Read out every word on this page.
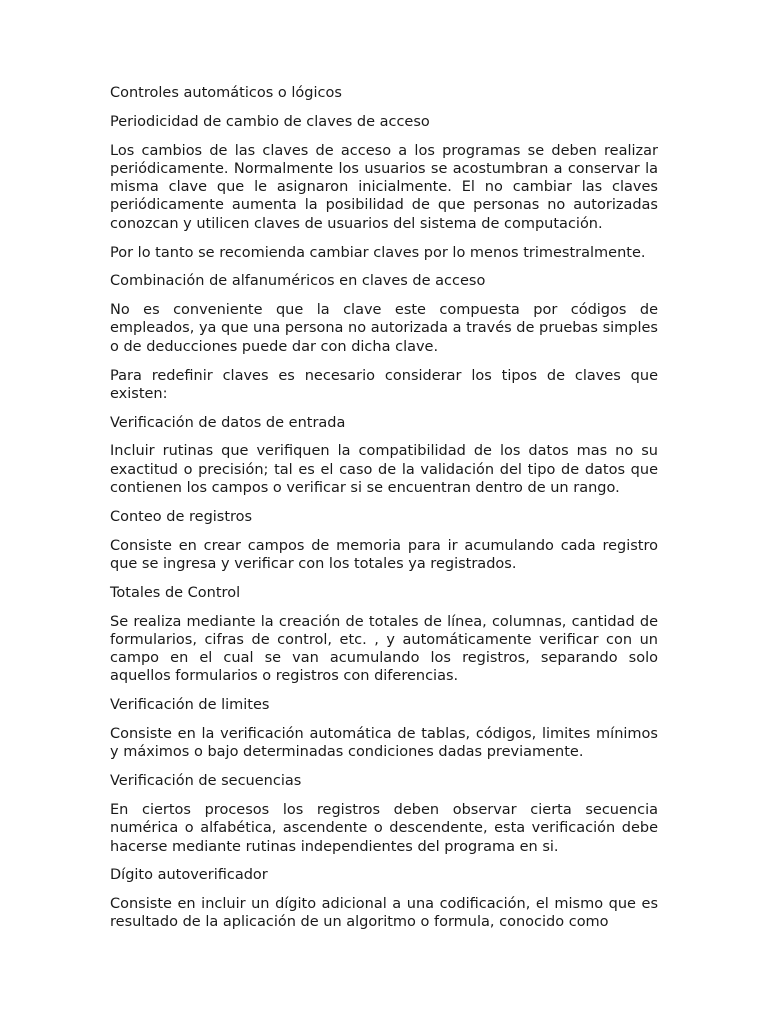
Controles automáticos o lógicos
Periodicidad de cambio de claves de acceso
Los cambios de las claves de acceso a los programas se deben realizar periódicamente. Normalmente los usuarios se acostumbran a conservar la misma clave que le asignaron inicialmente. El no cambiar las claves periódicamente aumenta la posibilidad de que personas no autorizadas conozcan y utilicen claves de usuarios del sistema de computación.
Por lo tanto se recomienda cambiar claves por lo menos trimestralmente.
Combinación de alfanuméricos en claves de acceso
No es conveniente que la clave este compuesta por códigos de empleados, ya que una persona no autorizada a través de pruebas simples o de deducciones puede dar con dicha clave.
Para redefinir claves es necesario considerar los tipos de claves que existen:
Verificación de datos de entrada
Incluir rutinas que verifiquen la compatibilidad de los datos mas no su exactitud o precisión; tal es el caso de la validación del tipo de datos que contienen los campos o verificar si se encuentran dentro de un rango.
Conteo de registros
Consiste en crear campos de memoria para ir acumulando cada registro que se ingresa y verificar con los totales ya registrados.
Totales de Control
Se realiza mediante la creación de totales de línea, columnas, cantidad de formularios, cifras de control, etc. , y automáticamente verificar con un campo en el cual se van acumulando los registros, separando solo aquellos formularios o registros con diferencias.
Verificación de limites
Consiste en la verificación automática de tablas, códigos, limites mínimos y máximos o bajo determinadas condiciones dadas previamente.
Verificación de secuencias
En ciertos procesos los registros deben observar cierta secuencia numérica o alfabética, ascendente o descendente, esta verificación debe hacerse mediante rutinas independientes del programa en si.
Dígito autoverificador
Consiste en incluir un dígito adicional a una codificación, el mismo que es resultado de la aplicación de un algoritmo o formula, conocido como
